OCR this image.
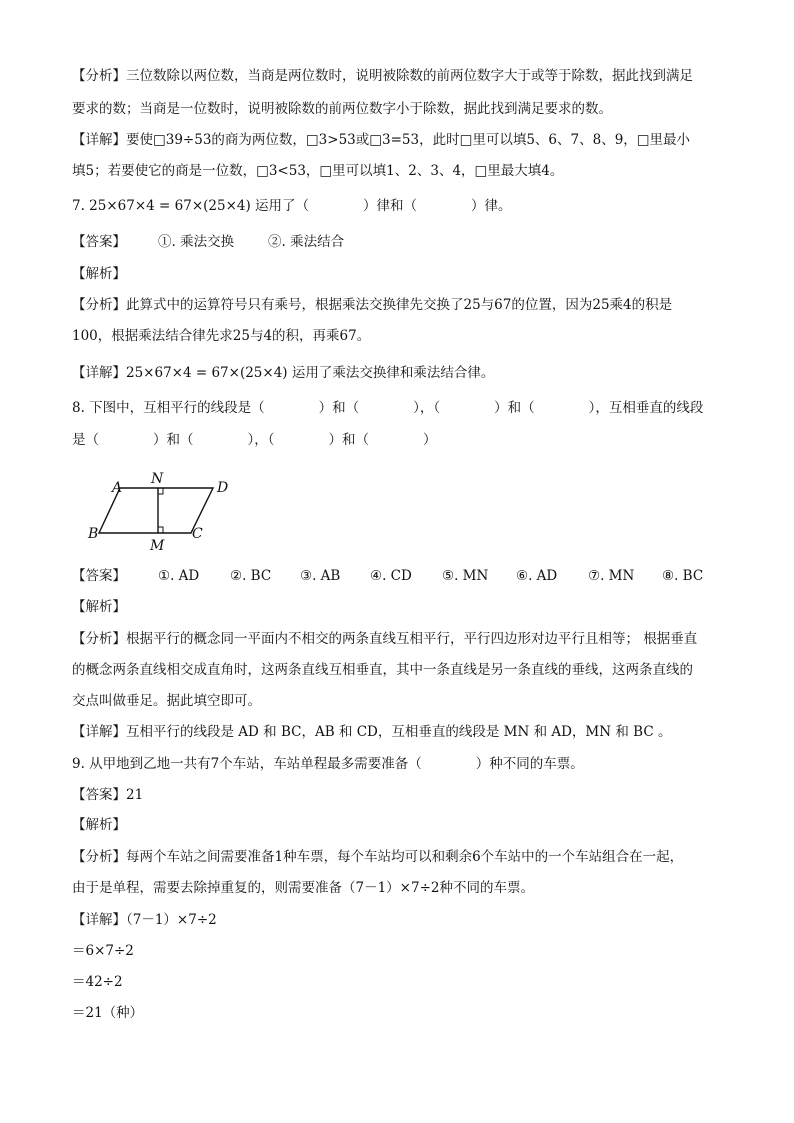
【分析】三位数除以两位数，当商是两位数时，说明被除数的前两位数字大于或等于除数，据此找到满足
要求的数；当商是一位数时，说明被除数的前两位数字小于除数，据此找到满足要求的数。
【详解】要使□39÷53的商为两位数，□3>53或□3=53，此时□里可以填5、6、7、8、9，□里最小
填5；若要使它的商是一位数，□3<53，□里可以填1、2、3、4，□里最大填4。
7. 25×67×4 = 67×(25×4) 运用了（　　　　）律和（　　　　）律。
【答案】 ①. 乘法交换	②. 乘法结合
【解析】
【分析】此算式中的运算符号只有乘号，根据乘法交换律先交换了25与67的位置，因为25乘4的积是
100，根据乘法结合律先求25与4的积，再乘67。
【详解】25×67×4 = 67×(25×4) 运用了乘法交换律和乘法结合律。
8. 下图中，互相平行的线段是（　　　　）和（　　　　），（　　　　）和（　　　　），互相垂直的线段
是（　　　　）和（　　　　），（　　　　）和（　　　　）
A
N
D
B
M
C
【答案】 ①. AD ②. BC ③. AB ④. CD ⑤. MN ⑥. AD ⑦. MN ⑧. BC
【解析】
【分析】根据平行的概念同一平面内不相交的两条直线互相平行，平行四边形对边平行且相等； 根据垂直
的概念两条直线相交成直角时，这两条直线互相垂直，其中一条直线是另一条直线的垂线，这两条直线的
交点叫做垂足。据此填空即可。
【详解】互相平行的线段是 AD 和 BC，AB 和 CD，互相垂直的线段是 MN 和 AD，MN 和 BC 。
9. 从甲地到乙地一共有7个车站，车站单程最多需要准备（　　　　）种不同的车票。
【答案】21
【解析】
【分析】每两个车站之间需要准备1种车票，每个车站均可以和剩余6个车站中的一个车站组合在一起，
由于是单程，需要去除掉重复的，则需要准备（7－1）×7÷2种不同的车票。
【详解】（7－1）×7÷2
＝6×7÷2
＝42÷2
＝21（种）
